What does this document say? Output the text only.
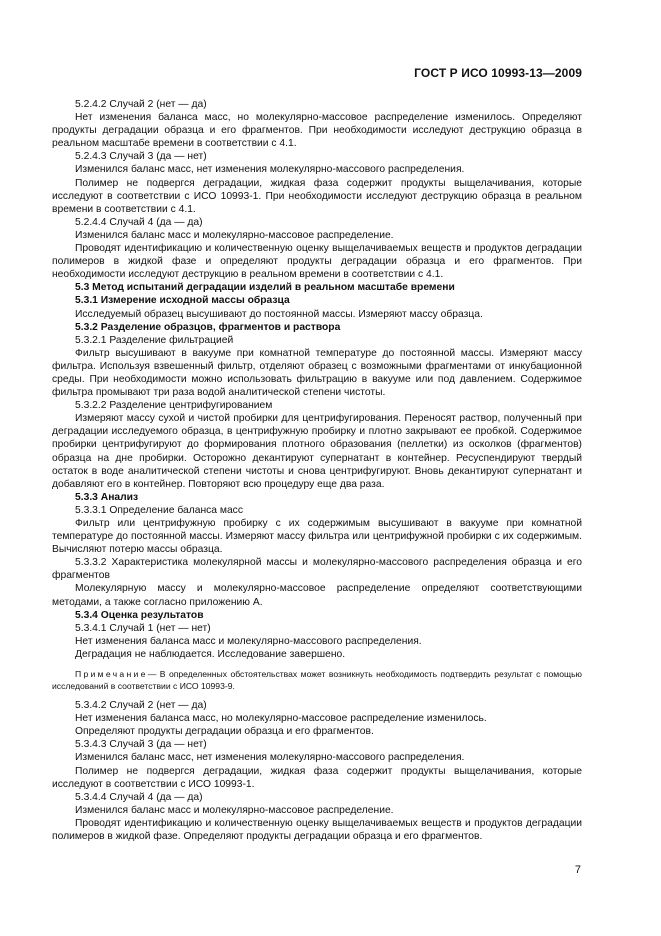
ГОСТ Р ИСО 10993-13—2009

5.2.4.2 Случай 2 (нет — да)

Нет изменения баланса масс, но молекулярно-массовое распределение изменилось. Определяют продукты деградации образца и его фрагментов. При необходимости исследуют деструкцию образца в реальном масштабе времени в соответствии с 4.1.

5.2.4.3 Случай 3 (да — нет)

Изменился баланс масс, нет изменения молекулярно-массового распределения.

Полимер не подвергся деградации, жидкая фаза содержит продукты выщелачивания, которые исследуют в соответствии с ИСО 10993-1. При необходимости исследуют деструкцию образца в реальном времени в соответствии с 4.1.

5.2.4.4 Случай 4 (да — да)

Изменился баланс масс и молекулярно-массовое распределение.

Проводят идентификацию и количественную оценку выщелачиваемых веществ и продуктов деградации полимеров в жидкой фазе и определяют продукты деградации образца и его фрагментов. При необходимости исследуют деструкцию в реальном времени в соответствии с 4.1.

5.3 Метод испытаний деградации изделий в реальном масштабе времени

5.3.1 Измерение исходной массы образца

Исследуемый образец высушивают до постоянной массы. Измеряют массу образца.

5.3.2 Разделение образцов, фрагментов и раствора

5.3.2.1 Разделение фильтрацией

Фильтр высушивают в вакууме при комнатной температуре до постоянной массы. Измеряют массу фильтра. Используя взвешенный фильтр, отделяют образец с возможными фрагментами от инкубационной среды. При необходимости можно использовать фильтрацию в вакууме или под давлением. Содержимое фильтра промывают три раза водой аналитической степени чистоты.

5.3.2.2 Разделение центрифугированием

Измеряют массу сухой и чистой пробирки для центрифугирования. Переносят раствор, полученный при деградации исследуемого образца, в центрифужную пробирку и плотно закрывают ее пробкой. Содержимое пробирки центрифугируют до формирования плотного образования (пеллетки) из осколков (фрагментов) образца на дне пробирки. Осторожно декантируют супернатант в контейнер. Ресуспендируют твердый остаток в воде аналитической степени чистоты и снова центрифугируют. Вновь декантируют супернатант и добавляют его в контейнер. Повторяют всю процедуру еще два раза.

5.3.3 Анализ

5.3.3.1 Определение баланса масс

Фильтр или центрифужную пробирку с их содержимым высушивают в вакууме при комнатной температуре до постоянной массы. Измеряют массу фильтра или центрифужной пробирки с их содержимым. Вычисляют потерю массы образца.

5.3.3.2 Характеристика молекулярной массы и молекулярно-массового распределения образца и его фрагментов

Молекулярную массу и молекулярно-массовое распределение определяют соответствующими методами, а также согласно приложению А.

5.3.4 Оценка результатов

5.3.4.1 Случай 1 (нет — нет)

Нет изменения баланса масс и молекулярно-массового распределения.

Деградация не наблюдается. Исследование завершено.

Примечание— В определенных обстоятельствах может возникнуть необходимость подтвердить результат с помощью исследований в соответствии с ИСО 10993-9.

5.3.4.2 Случай 2 (нет — да)

Нет изменения баланса масс, но молекулярно-массовое распределение изменилось.

Определяют продукты деградации образца и его фрагментов.

5.3.4.3 Случай 3 (да — нет)

Изменился баланс масс, нет изменения молекулярно-массового распределения.

Полимер не подвергся деградации, жидкая фаза содержит продукты выщелачивания, которые исследуют в соответствии с ИСО 10993-1.

5.3.4.4 Случай 4 (да — да)

Изменился баланс масс и молекулярно-массовое распределение.

Проводят идентификацию и количественную оценку выщелачиваемых веществ и продуктов деградации полимеров в жидкой фазе. Определяют продукты деградации образца и его фрагментов.

7
